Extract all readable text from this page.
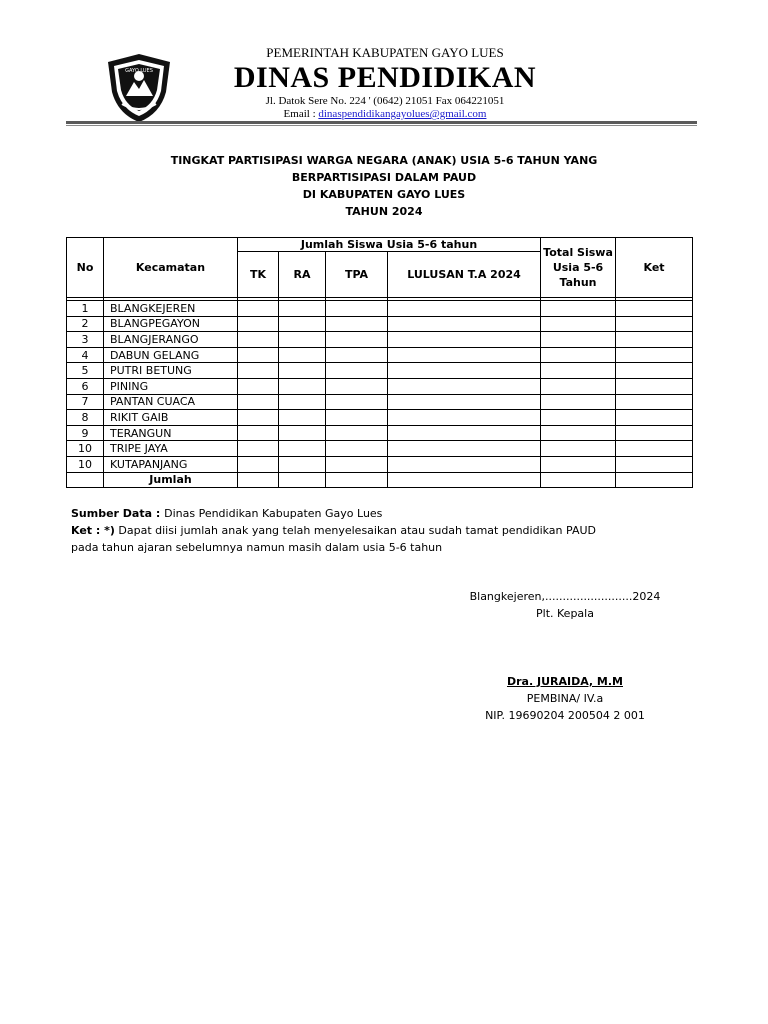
GAYO LUES
PEMERINTAH KABUPATEN GAYO LUES
DINAS PENDIDIKAN
Jl. Datok Sere No. 224 ' (0642) 21051 Fax 064221051
Email : dinaspendidikangayolues@gmail.com
TINGKAT PARTISIPASI WARGA NEGARA (ANAK) USIA 5-6 TAHUN YANG
BERPARTISIPASI DALAM PAUD
DI KABUPATEN GAYO LUES
TAHUN 2024
No	Kecamatan	Jumlah Siswa Usia 5-6 tahun				Total Siswa Usia 5-6 Tahun	Ket
		TK	RA	TPA	LULUSAN T.A 2024		

1	BLANGKEJEREN						
2	BLANGPEGAYON						
3	BLANGJERANGO						
4	DABUN GELANG						
5	PUTRI BETUNG						
6	PINING						
7	PANTAN CUACA						
8	RIKIT GAIB						
9	TERANGUN						
10	TRIPE JAYA						
10	KUTAPANJANG						
	Jumlah						
Sumber Data : Dinas Pendidikan Kabupaten Gayo Lues
Ket : *) Dapat diisi jumlah anak yang telah menyelesaikan atau sudah tamat pendidikan PAUD
pada tahun ajaran sebelumnya namun masih dalam usia 5-6 tahun
Blangkejeren,.........................2024
Plt. Kepala
Dra. JURAIDA, M.M
PEMBINA/ IV.a
NIP. 19690204 200504 2 001
